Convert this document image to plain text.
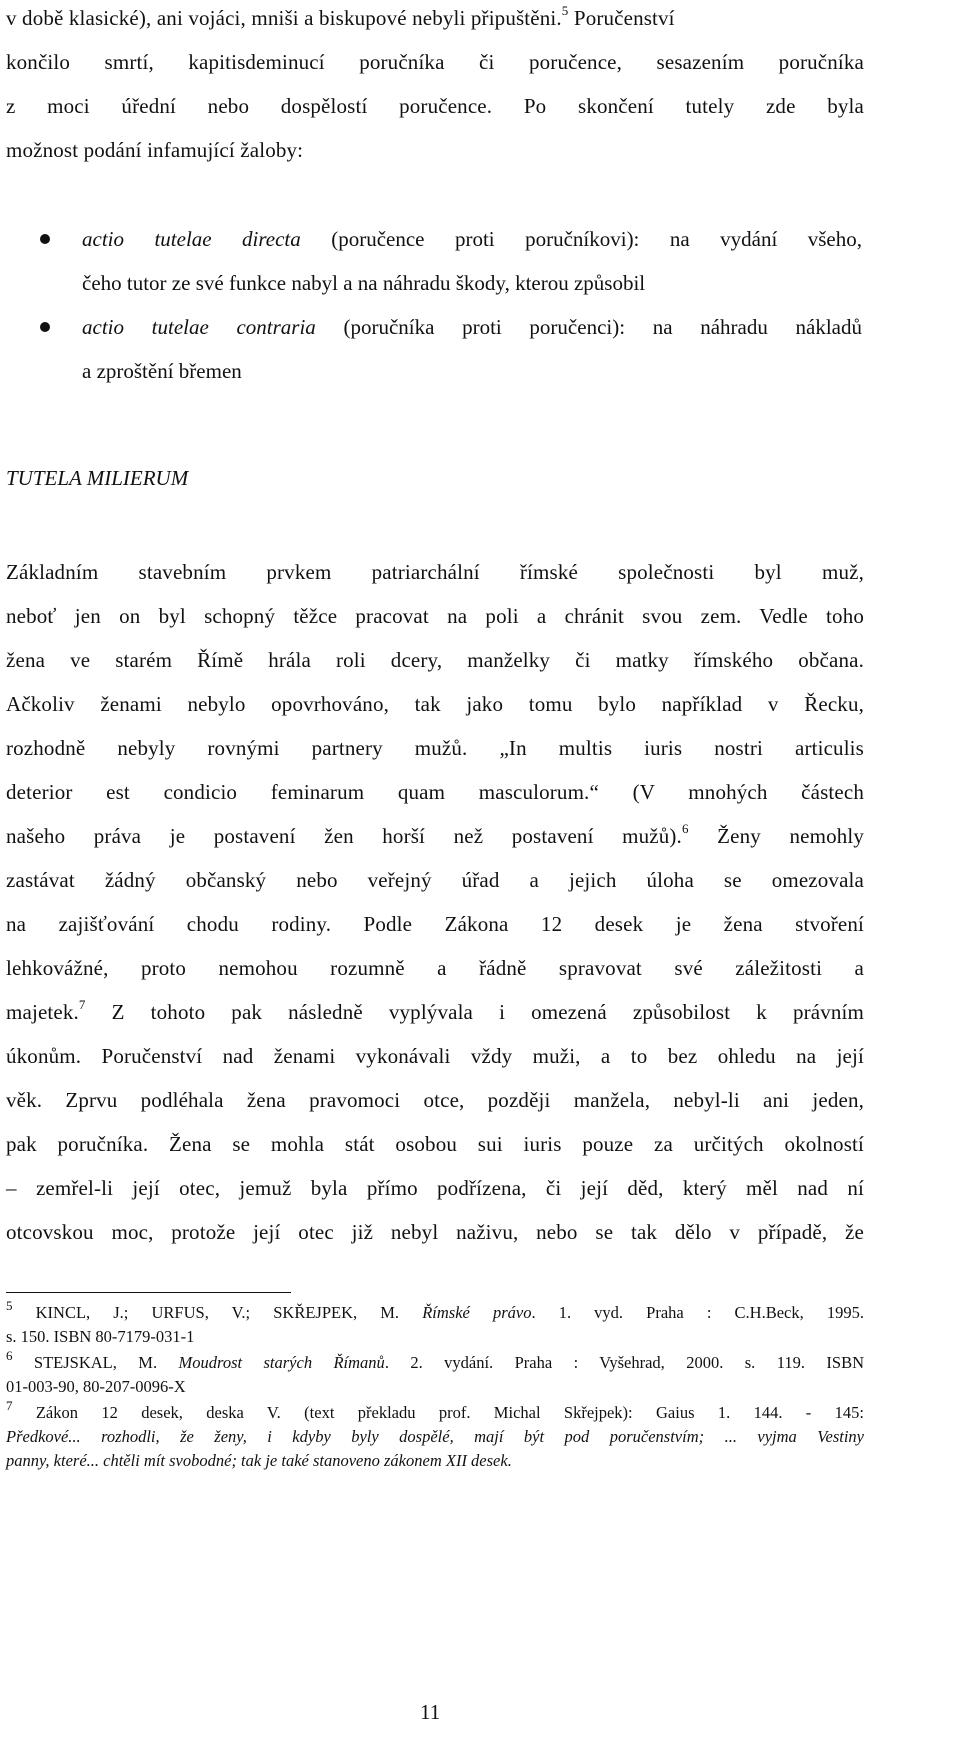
v době klasické), ani vojáci, mniši a biskupové nebyli připuštěni.$^5$ Poručenství
končilo smrtí, kapitisdeminucí poručníka či poručence, sesazením poručníka
z moci úřední nebo dospělostí poručence. Po skončení tutely zde byla
možnost podání infamující žaloby:
actio tutelae directa (poručence proti poručníkovi): na vydání všeho,
čeho tutor ze své funkce nabyl a na náhradu škody, kterou způsobil
actio tutelae contraria (poručníka proti poručenci): na náhradu nákladů
a zproštění břemen
TUTELA MILIERUM
Základním stavebním prvkem patriarchální římské společnosti byl muž,
neboť jen on byl schopný těžce pracovat na poli a chránit svou zem. Vedle toho
žena ve starém Římě hrála roli dcery, manželky či matky římského občana.
Ačkoliv ženami nebylo opovrhováno, tak jako tomu bylo například v Řecku,
rozhodně nebyly rovnými partnery mužů. „In multis iuris nostri articulis
deterior est condicio feminarum quam masculorum.“ (V mnohých částech
našeho práva je postavení žen horší než postavení mužů).$^6$ Ženy nemohly
zastávat žádný občanský nebo veřejný úřad a jejich úloha se omezovala
na zajišťování chodu rodiny. Podle Zákona 12 desek je žena stvoření
lehkovážné, proto nemohou rozumně a řádně spravovat své záležitosti a
majetek.$^7$ Z tohoto pak následně vyplývala i omezená způsobilost k právním
úkonům. Poručenství nad ženami vykonávali vždy muži, a to bez ohledu na její
věk. Zprvu podléhala žena pravomoci otce, později manžela, nebyl-li ani jeden,
pak poručníka. Žena se mohla stát osobou sui iuris pouze za určitých okolností
– zemřel-li její otec, jemuž byla přímo podřízena, či její děd, který měl nad ní
otcovskou moc, protože její otec již nebyl naživu, nebo se tak dělo v případě, že
$^5$ KINCL, J.; URFUS, V.; SKŘEJPEK, M. Římské právo. 1. vyd. Praha : C.H.Beck, 1995.
s. 150. ISBN 80-7179-031-1
$^6$ STEJSKAL, M. Moudrost starých Římanů. 2. vydání. Praha : Vyšehrad, 2000. s. 119. ISBN
01-003-90, 80-207-0096-X
$^7$ Zákon 12 desek, deska V. (text překladu prof. Michal Skřejpek): Gaius 1. 144. - 145:
Předkové... rozhodli, že ženy, i kdyby byly dospělé, mají být pod poručenstvím; ... vyjma Vestiny
panny, které... chtěli mít svobodné; tak je také stanoveno zákonem XII desek.
11
